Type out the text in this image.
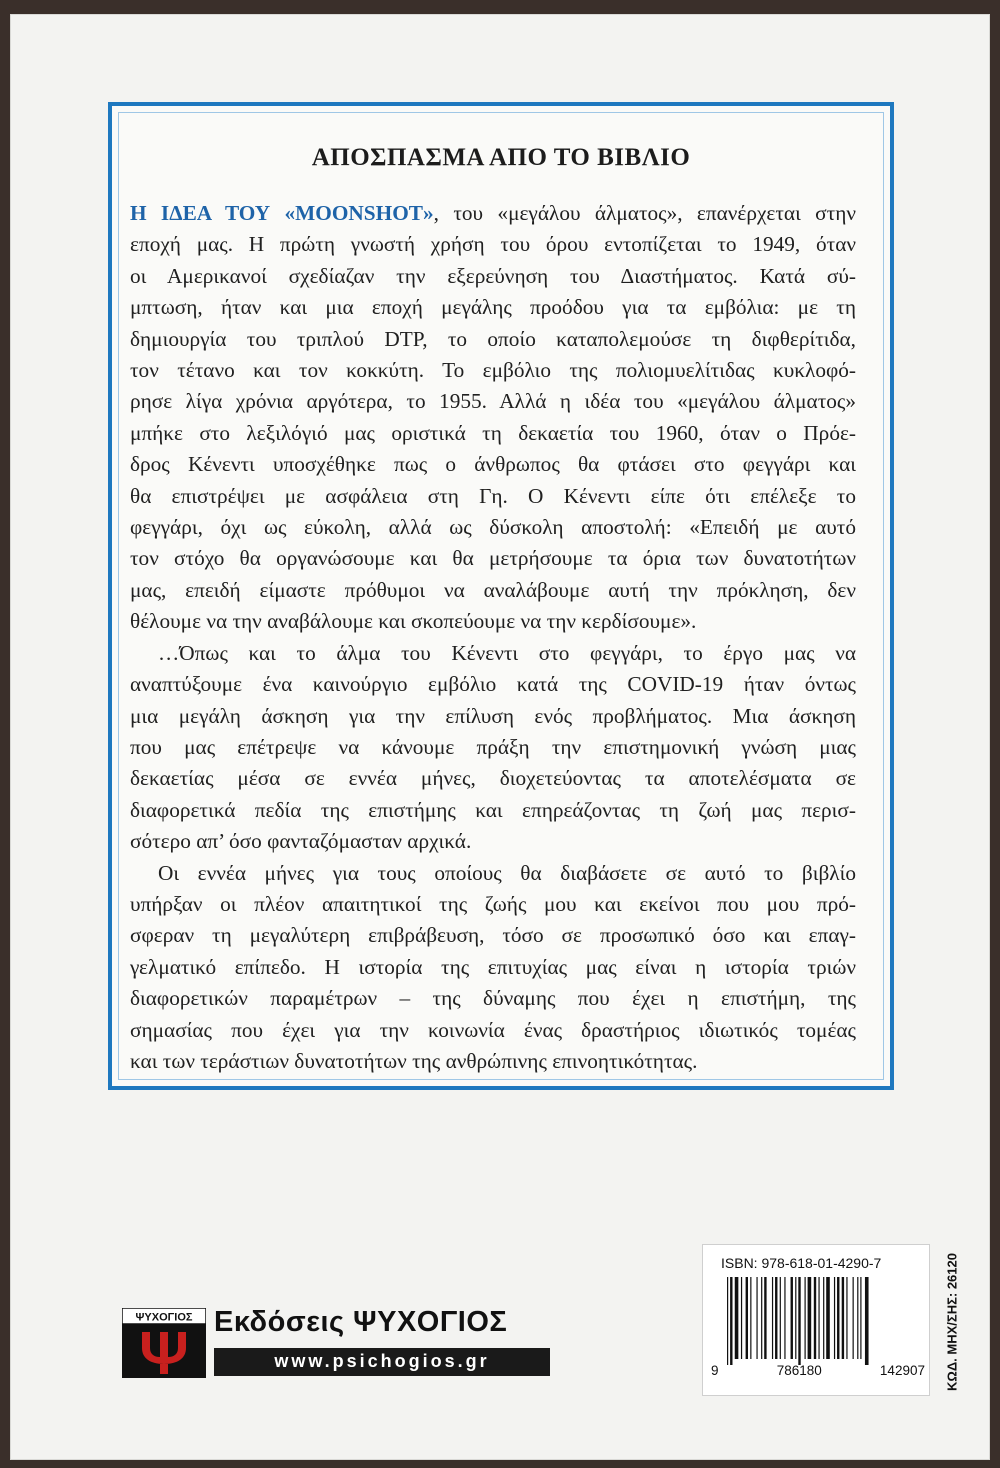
ΑΠΟΣΠΑΣΜΑ ΑΠΟ ΤΟ ΒΙΒΛΙΟ
Η ΙΔΕΑ ΤΟΥ «MOONSHOT», του «μεγάλου άλματος», επανέρχεται στην
εποχή μας. Η πρώτη γνωστή χρήση του όρου εντοπίζεται το 1949, όταν
οι Αμερικανοί σχεδίαζαν την εξερεύνηση του Διαστήματος. Κατά σύ-
μπτωση, ήταν και μια εποχή μεγάλης προόδου για τα εμβόλια: με τη
δημιουργία του τριπλού DTP, το οποίο καταπολεμούσε τη διφθερίτιδα,
τον τέτανο και τον κοκκύτη. Το εμβόλιο της πολιομυελίτιδας κυκλοφό-
ρησε λίγα χρόνια αργότερα, το 1955. Αλλά η ιδέα του «μεγάλου άλματος»
μπήκε στο λεξιλόγιό μας οριστικά τη δεκαετία του 1960, όταν ο Πρόε-
δρος Κένεντι υποσχέθηκε πως ο άνθρωπος θα φτάσει στο φεγγάρι και
θα επιστρέψει με ασφάλεια στη Γη. Ο Κένεντι είπε ότι επέλεξε το
φεγγάρι, όχι ως εύκολη, αλλά ως δύσκολη αποστολή: «Επειδή με αυτό
τον στόχο θα οργανώσουμε και θα μετρήσουμε τα όρια των δυνατοτήτων
μας, επειδή είμαστε πρόθυμοι να αναλάβουμε αυτή την πρόκληση, δεν
θέλουμε να την αναβάλουμε και σκοπεύουμε να την κερδίσουμε».
…Όπως και το άλμα του Κένεντι στο φεγγάρι, το έργο μας να
αναπτύξουμε ένα καινούργιο εμβόλιο κατά της COVID-19 ήταν όντως
μια μεγάλη άσκηση για την επίλυση ενός προβλήματος. Μια άσκηση
που μας επέτρεψε να κάνουμε πράξη την επιστημονική γνώση μιας
δεκαετίας μέσα σε εννέα μήνες, διοχετεύοντας τα αποτελέσματα σε
διαφορετικά πεδία της επιστήμης και επηρεάζοντας τη ζωή μας περισ-
σότερο απ’ όσο φανταζόμασταν αρχικά.
Οι εννέα μήνες για τους οποίους θα διαβάσετε σε αυτό το βιβλίο
υπήρξαν οι πλέον απαιτητικοί της ζωής μου και εκείνοι που μου πρό-
σφεραν τη μεγαλύτερη επιβράβευση, τόσο σε προσωπικό όσο και επαγ-
γελματικό επίπεδο. Η ιστορία της επιτυχίας μας είναι η ιστορία τριών
διαφορετικών παραμέτρων – της δύναμης που έχει η επιστήμη, της
σημασίας που έχει για την κοινωνία ένας δραστήριος ιδιωτικός τομέας
και των τεράστιων δυνατοτήτων της ανθρώπινης επινοητικότητας.
ΨΥΧΟΓΙΟΣ Εκδόσεις ΨΥΧΟΓΙΟΣ
www.psichogios.gr
ISBN: 978-618-01-4290-7
9	786180	142907 ΚΩΔ. ΜΗΧ/ΣΗΣ: 26120
